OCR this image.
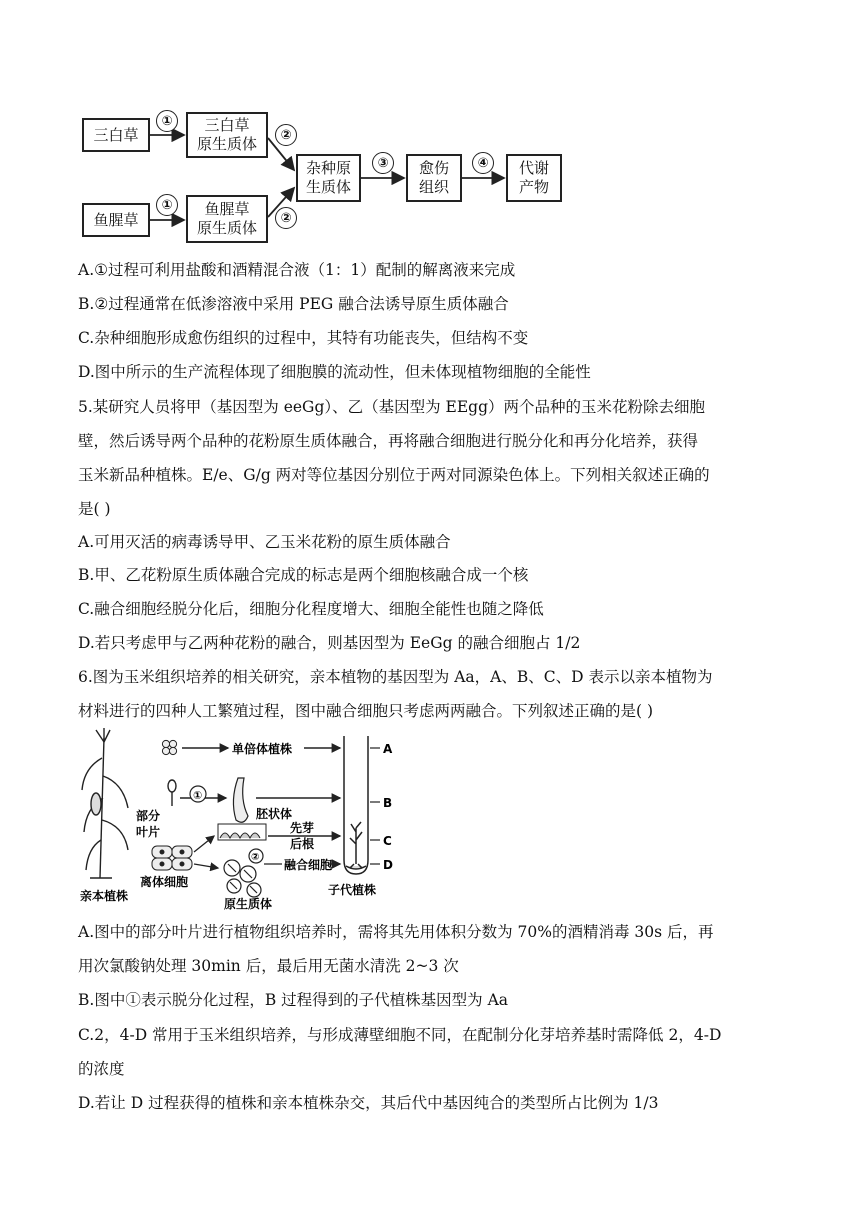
三白草
三白草
原生质体
鱼腥草
鱼腥草
原生质体
杂种原
生质体
愈伤
组织
代谢
产物
①
①
②
②
③	④
A.①过程可利用盐酸和酒精混合液（1：1）配制的解离液来完成
B.②过程通常在低渗溶液中采用 PEG 融合法诱导原生质体融合
C.杂种细胞形成愈伤组织的过程中，其特有功能丧失，但结构不变
D.图中所示的生产流程体现了细胞膜的流动性，但未体现植物细胞的全能性
5.某研究人员将甲（基因型为 eeGg）、乙（基因型为 EEgg）两个品种的玉米花粉除去细胞
壁，然后诱导两个品种的花粉原生质体融合，再将融合细胞进行脱分化和再分化培养，获得
玉米新品种植株。E/e、G/g 两对等位基因分别位于两对同源染色体上。下列相关叙述正确的
是( )
A.可用灭活的病毒诱导甲、乙玉米花粉的原生质体融合
B.甲、乙花粉原生质体融合完成的标志是两个细胞核融合成一个核
C.融合细胞经脱分化后，细胞分化程度增大、细胞全能性也随之降低
D.若只考虑甲与乙两种花粉的融合，则基因型为 EeGg 的融合细胞占 1/2
6.图为玉米组织培养的相关研究，亲本植物的基因型为 Aa，A、B、C、D 表示以亲本植物为
材料进行的四种人工繁殖过程，图中融合细胞只考虑两两融合。下列叙述正确的是( )
单倍体植株
部分
叶片
①
胚状体
离体细胞
先芽
后根
②
原生质体
融合细胞
亲本植株	子代植株
A
B
C
D
A.图中的部分叶片进行植物组织培养时，需将其先用体积分数为 70%的酒精消毒 30s 后，再
用次氯酸钠处理 30min 后，最后用无菌水清洗 2~3 次
B.图中①表示脱分化过程，B 过程得到的子代植株基因型为 Aa
C.2，4-D 常用于玉米组织培养，与形成薄壁细胞不同，在配制分化芽培养基时需降低 2，4-D
的浓度
D.若让 D 过程获得的植株和亲本植株杂交，其后代中基因纯合的类型所占比例为 1/3
